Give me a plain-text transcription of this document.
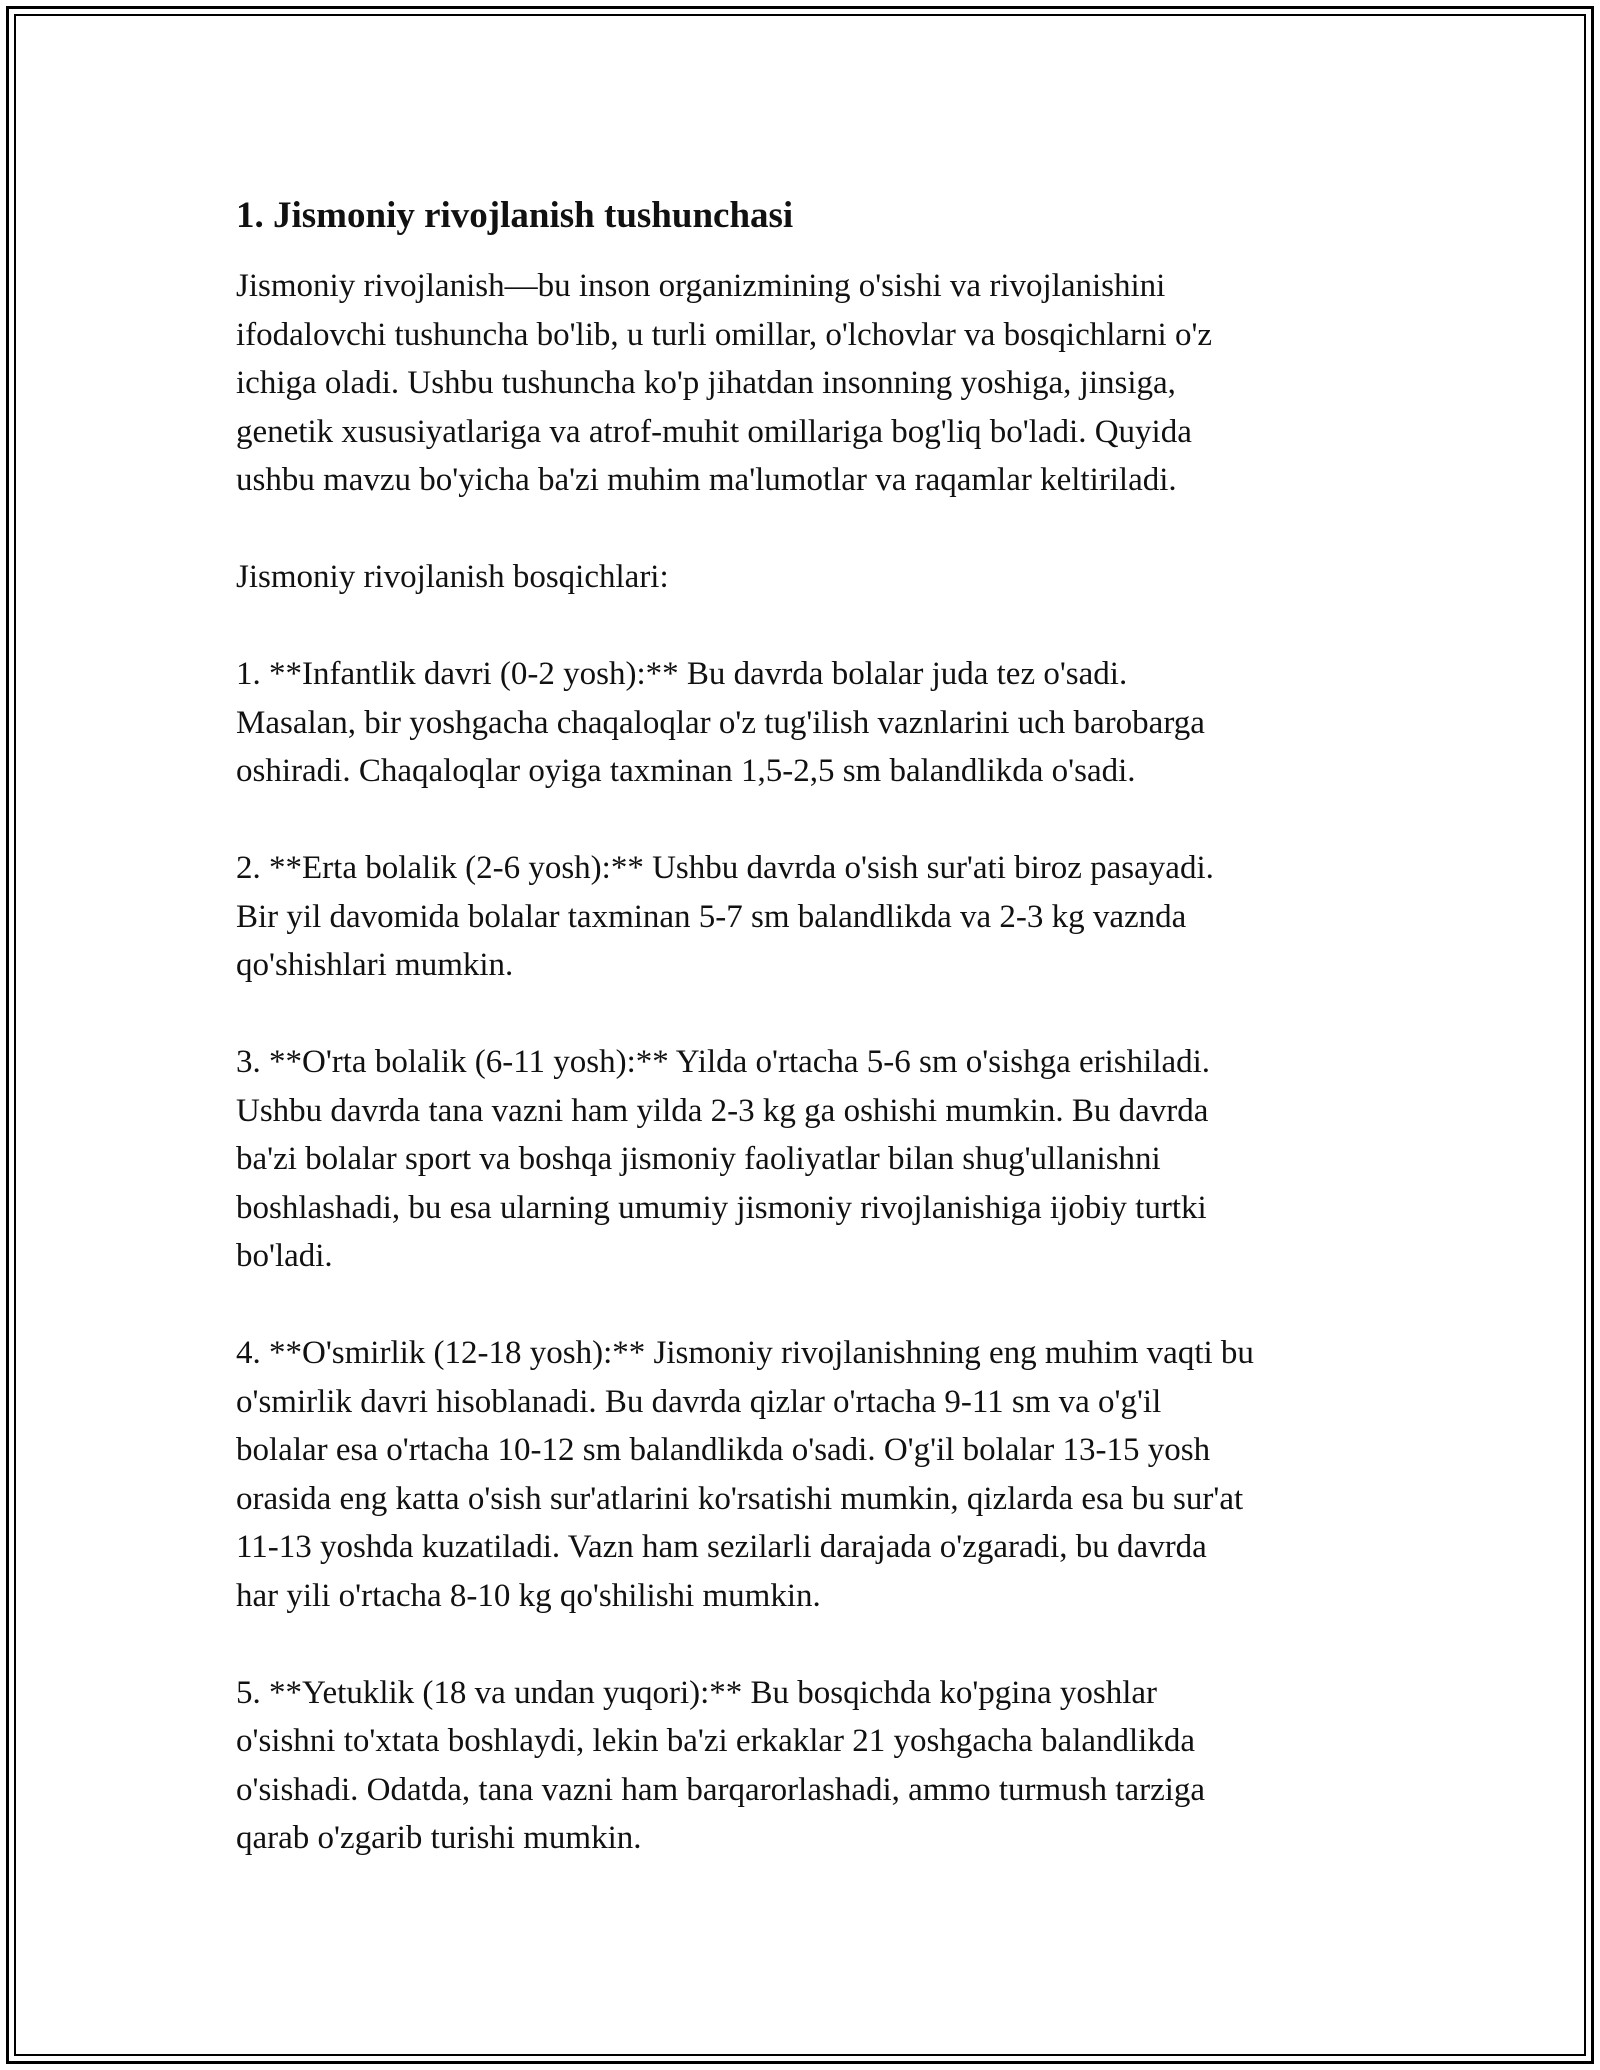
1. Jismoniy rivojlanish tushunchasi

Jismoniy rivojlanish—bu inson organizmining o'sishi va rivojlanishini
ifodalovchi tushuncha bo'lib, u turli omillar, o'lchovlar va bosqichlarni o'z
ichiga oladi. Ushbu tushuncha ko'p jihatdan insonning yoshiga, jinsiga,
genetik xususiyatlariga va atrof-muhit omillariga bog'liq bo'ladi. Quyida
ushbu mavzu bo'yicha ba'zi muhim ma'lumotlar va raqamlar keltiriladi.

Jismoniy rivojlanish bosqichlari:

1. **Infantlik davri (0-2 yosh):** Bu davrda bolalar juda tez o'sadi.
Masalan, bir yoshgacha chaqaloqlar o'z tug'ilish vaznlarini uch barobarga
oshiradi. Chaqaloqlar oyiga taxminan 1,5-2,5 sm balandlikda o'sadi.

2. **Erta bolalik (2-6 yosh):** Ushbu davrda o'sish sur'ati biroz pasayadi.
Bir yil davomida bolalar taxminan 5-7 sm balandlikda va 2-3 kg vaznda
qo'shishlari mumkin.

3. **O'rta bolalik (6-11 yosh):** Yilda o'rtacha 5-6 sm o'sishga erishiladi.
Ushbu davrda tana vazni ham yilda 2-3 kg ga oshishi mumkin. Bu davrda
ba'zi bolalar sport va boshqa jismoniy faoliyatlar bilan shug'ullanishni
boshlashadi, bu esa ularning umumiy jismoniy rivojlanishiga ijobiy turtki
bo'ladi.

4. **O'smirlik (12-18 yosh):** Jismoniy rivojlanishning eng muhim vaqti bu
o'smirlik davri hisoblanadi. Bu davrda qizlar o'rtacha 9-11 sm va o'g'il
bolalar esa o'rtacha 10-12 sm balandlikda o'sadi. O'g'il bolalar 13-15 yosh
orasida eng katta o'sish sur'atlarini ko'rsatishi mumkin, qizlarda esa bu sur'at
11-13 yoshda kuzatiladi. Vazn ham sezilarli darajada o'zgaradi, bu davrda
har yili o'rtacha 8-10 kg qo'shilishi mumkin.

5. **Yetuklik (18 va undan yuqori):** Bu bosqichda ko'pgina yoshlar
o'sishni to'xtata boshlaydi, lekin ba'zi erkaklar 21 yoshgacha balandlikda
o'sishadi. Odatda, tana vazni ham barqarorlashadi, ammo turmush tarziga
qarab o'zgarib turishi mumkin.
